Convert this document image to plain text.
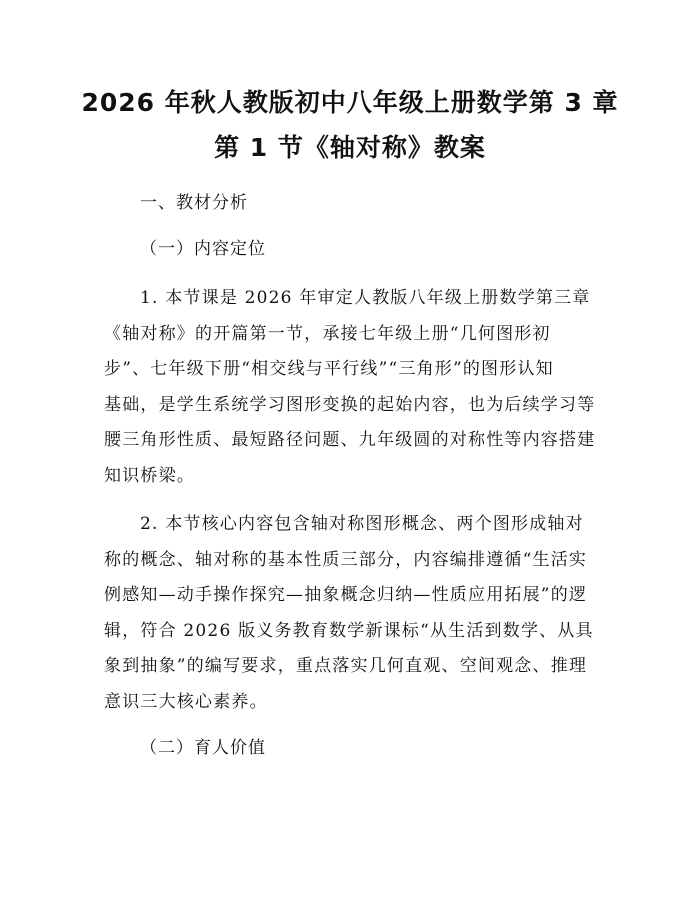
2026 年秋人教版初中八年级上册数学第 3 章
第 1 节《轴对称》教案
一、教材分析
（一）内容定位
1. 本节课是 2026 年审定人教版八年级上册数学第三章
《轴对称》的开篇第一节，承接七年级上册“几何图形初
步”、七年级下册“相交线与平行线”“三角形”的图形认知
基础，是学生系统学习图形变换的起始内容，也为后续学习等
腰三角形性质、最短路径问题、九年级圆的对称性等内容搭建
知识桥梁。
2. 本节核心内容包含轴对称图形概念、两个图形成轴对
称的概念、轴对称的基本性质三部分，内容编排遵循“生活实
例感知—动手操作探究—抽象概念归纳—性质应用拓展”的逻
辑，符合 2026 版义务教育数学新课标“从生活到数学、从具
象到抽象”的编写要求，重点落实几何直观、空间观念、推理
意识三大核心素养。
（二）育人价值
